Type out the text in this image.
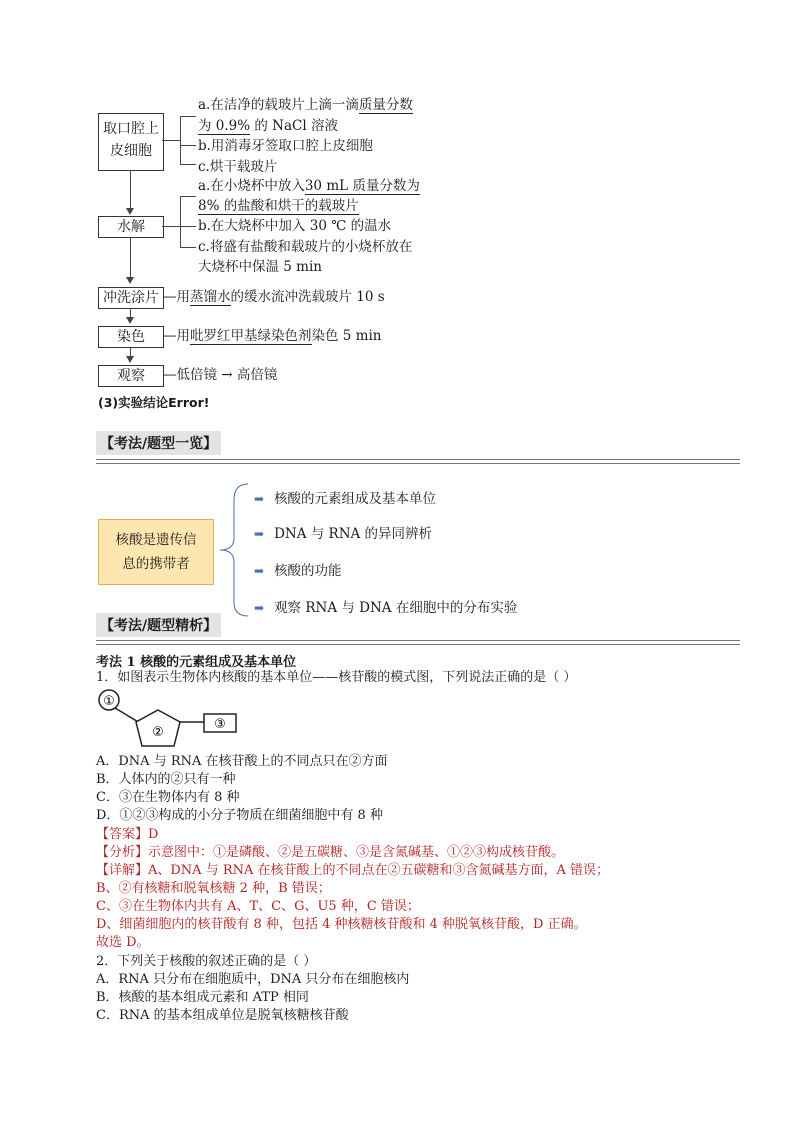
取口腔上
皮细胞
a.在洁净的载玻片上滴一滴质量分数
为 0.9% 的 NaCl 溶液
b.用消毒牙签取口腔上皮细胞
c.烘干载玻片
水解
a.在小烧杯中放入30 mL 质量分数为
8% 的盐酸和烘干的载玻片
b.在大烧杯中加入 30 ℃ 的温水
c.将盛有盐酸和载玻片的小烧杯放在
大烧杯中保温 5 min
冲洗涂片 —用蒸馏水的缓水流冲洗载玻片 10 s
染色	—用吡罗红甲基绿染色剂染色 5 min
观察	—低倍镜 → 高倍镜
(3)实验结论Error!
【考法/题型一览】
核酸是遗传信
息的携带者
➡ 核酸的元素组成及基本单位
➡ DNA 与 RNA 的异同辨析
➡ 核酸的功能
➡ 观察 RNA 与 DNA 在细胞中的分布实验
【考法/题型精析】
考法 1 核酸的元素组成及基本单位
1．如图表示生物体内核酸的基本单位——核苷酸的模式图，下列说法正确的是（ ）
①
②
③
A．DNA 与 RNA 在核苷酸上的不同点只在②方面
B．人体内的②只有一种
C．③在生物体内有 8 种
D．①②③构成的小分子物质在细菌细胞中有 8 种
【答案】D
【分析】示意图中：①是磷酸、②是五碳糖、③是含氮碱基、①②③构成核苷酸。
【详解】A、DNA 与 RNA 在核苷酸上的不同点在②五碳糖和③含氮碱基方面，A 错误；
B、②有核糖和脱氧核糖 2 种，B 错误；
C、③在生物体内共有 A、T、C、G、U5 种，C 错误；
D、细菌细胞内的核苷酸有 8 种，包括 4 种核糖核苷酸和 4 种脱氧核苷酸，D 正确。
故选 D。
2．下列关于核酸的叙述正确的是（ ）
A．RNA 只分布在细胞质中，DNA 只分布在细胞核内
B．核酸的基本组成元素和 ATP 相同
C．RNA 的基本组成单位是脱氧核糖核苷酸
